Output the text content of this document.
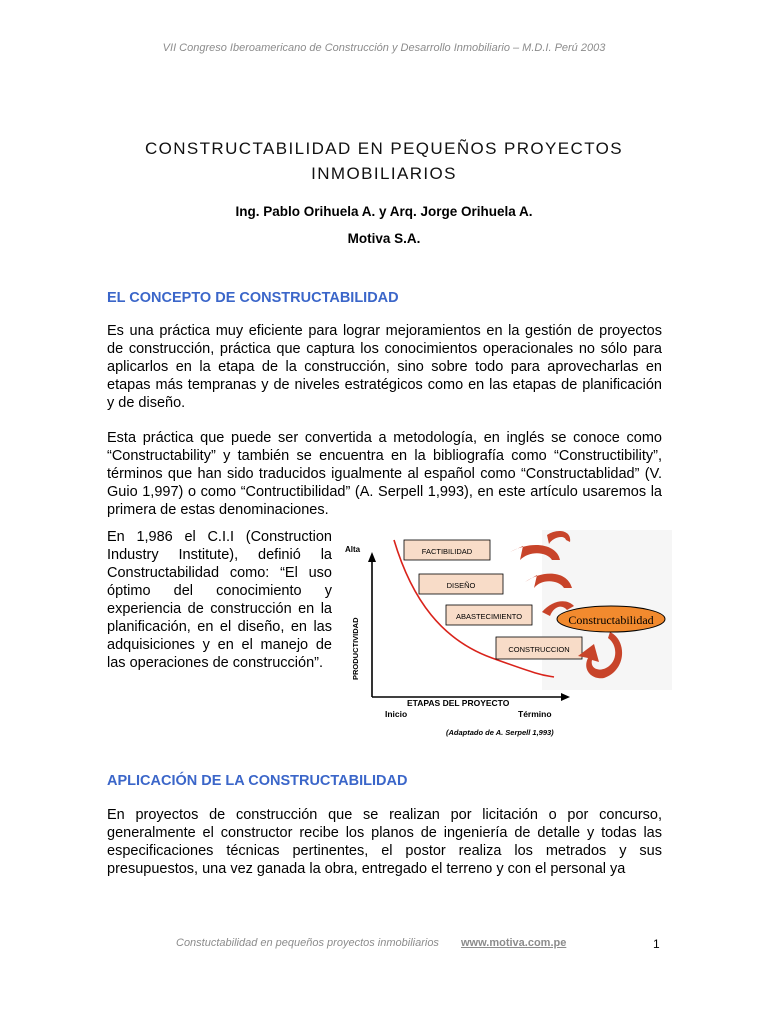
VII Congreso Iberoamericano de Construcción y Desarrollo Inmobiliario – M.D.I. Perú 2003
CONSTRUCTABILIDAD EN PEQUEÑOS PROYECTOS
INMOBILIARIOS
Ing. Pablo Orihuela A. y Arq. Jorge Orihuela A.
Motiva S.A.
EL CONCEPTO DE CONSTRUCTABILIDAD

Es una práctica muy eficiente para lograr mejoramientos en la gestión de proyectos de construcción, práctica que captura los conocimientos operacionales no sólo para aplicarlos en la etapa de la construcción, sino sobre todo para aprovecharlas en etapas más tempranas y de niveles estratégicos como en las etapas de planificación y de diseño.

Esta práctica que puede ser convertida a metodología, en inglés se conoce como “Constructability” y también se encuentra en la bibliografía como “Constructibility”, términos que han sido traducidos igualmente al español como “Constructablidad” (V. Guio 1,997) o como “Contructibilidad” (A. Serpell 1,993), en este artículo usaremos la primera de estas denominaciones.

En 1,986 el C.I.I (Construction Industry Institute), definió la Constructabilidad como: “El uso óptimo del conocimiento y experiencia de construcción en la planificación, en el diseño, en las adquisiciones y en el manejo de las operaciones de construcción”.

FACTIBILIDAD
DISEÑO
ABASTECIMIENTO
CONSTRUCCION
Constructabilidad
Alta
PRODUCTIVIDAD
ETAPAS DEL PROYECTO
Inicio	Término
(Adaptado de A. Serpell 1,993)
APLICACIÓN DE LA CONSTRUCTABILIDAD

En proyectos de construcción que se realizan por licitación o por concurso, generalmente el constructor recibe los planos de ingeniería de detalle y todas las especificaciones técnicas pertinentes, el postor realiza los metrados y sus presupuestos, una vez ganada la obra, entregado el terreno y con el personal ya

Constuctabilidad en pequeños proyectos inmobiliarios www.motiva.com.pe	1
